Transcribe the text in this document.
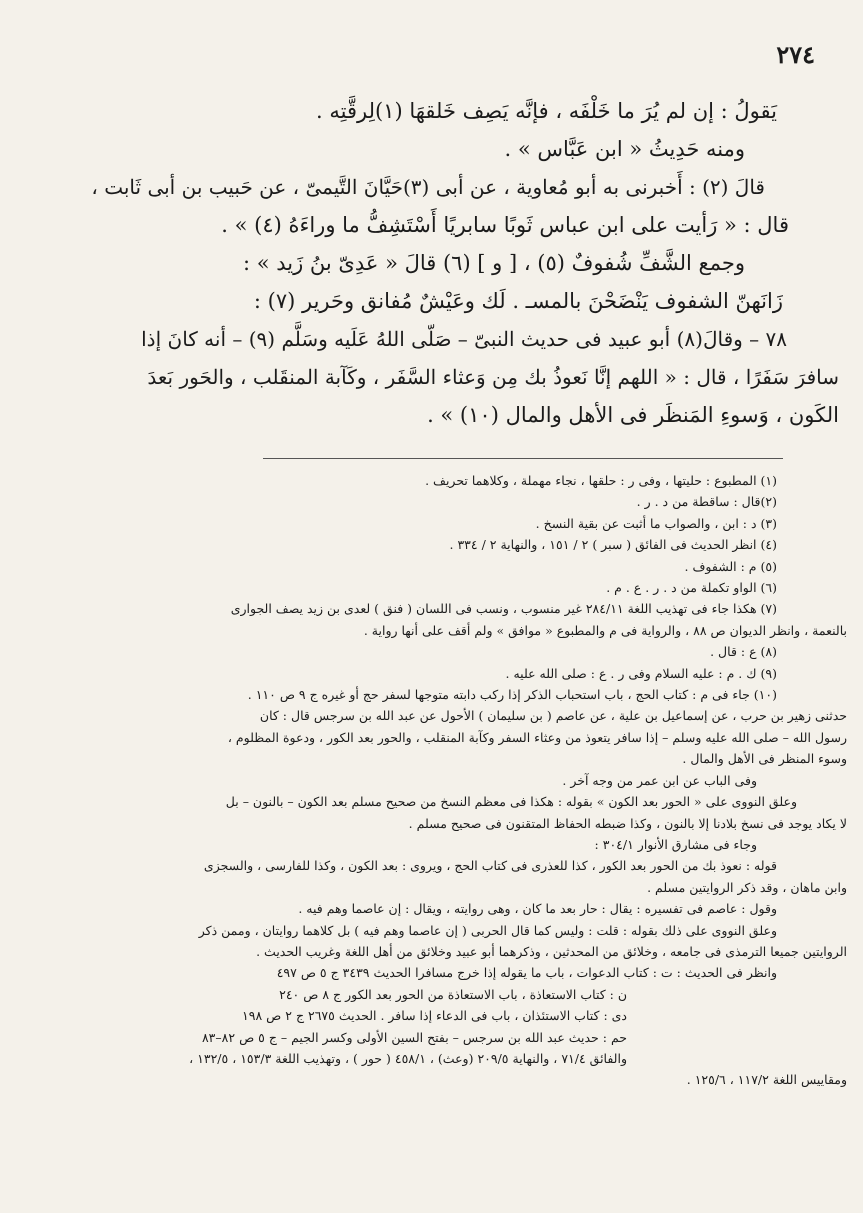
٢٧٤

يَقولُ : إن لم يُرَ ما خَلْفَه ، فإنَّه يَصِف خَلقهَا (١)لِرقَّتِه .

ومنه حَدِيثُ « ابن عَبَّاس » .

قالَ (٢) : أَخبرنى به أبو مُعاوية ، عن أبى (٣)حَيَّانَ التَّيمىّ ، عن حَبيب بن أبى ثَابت ،

قال : « رَأيت على ابن عباس ثَوبًا سابريًا أَسْتَشِفُّ ما وراءَهُ (٤) » .

وجمع الشَّفِّ شُفوفٌ (٥) ، [ و ] (٦) قالَ « عَدِىّ بنُ زَيد » :

زَانَهنّ الشفوف يَنْضَحْنَ بالمسـ . لَك وعَيْشٌ مُفانق وحَرير (٧) :

٧٨ – وقالَ(٨) أبو عبيد فى حديث النبىّ – صَلّى اللهُ عَلَيه وسَلَّم (٩) – أنه كانَ إذا

سافرَ سَفَرًا ، قال : « اللهم إنَّا نَعوذُ بك مِن وَعثاء السَّفَر ، وكَآبة المنقَلب ، والحَور بَعدَ

الكَون ، وَسوءِ المَنظَر فى الأهل والمال (١٠) » .

(١) المطبوع : حليتها ، وفى ر : حلقها ، نجاء مهملة ، وكلاهما تحريف .

(٢)قال : ساقطة من د . ر .

(٣) د : ابن ، والصواب ما أثبت عن بقية النسخ .

(٤) انظر الحديث فى الفائق ( سبر ) ٢ / ١٥١ ، والنهاية ٢ / ٣٣٤ .

(٥) م : الشفوف .

(٦) الواو تكملة من د . ر . ع . م .

(٧) هكذا جاء فى تهذيب اللغة ٢٨٤/١١ غير منسوب ، ونسب فى اللسان ( فنق ) لعدى بن زيد يصف الجوارى

بالنعمة ، وانظر الديوان ص ٨٨ ، والرواية فى م والمطبوع « موافق » ولم أقف على أنها رواية .

(٨) ع : قال .

(٩) ك . م : عليه السلام وفى ر . ع : صلى الله عليه .

(١٠) جاء فى م : كتاب الحج ، باب استحباب الذكر إذا ركب دابته متوجها لسفر حج أو غيره ج ٩ ص ١١٠ .

حدثنى زهير بن حرب ، عن إسماعيل بن علية ، عن عاصم ( بن سليمان ) الأحول عن عبد الله بن سرجس قال : كان

رسول الله – صلى الله عليه وسلم – إذا سافر يتعوذ من وعثاء السفر وكآبة المنقلب ، والحور بعد الكور ، ودعوة المظلوم ،

وسوء المنظر فى الأهل والمال .

وفى الباب عن ابن عمر من وجه آخر .

وعلق النووى على « الحور بعد الكون » بقوله : هكذا فى معظم النسخ من صحيح مسلم بعد الكون – بالنون – بل

لا يكاد يوجد فى نسخ بلادنا إلا بالنون ، وكذا ضبطه الحفاظ المتقنون فى صحيح مسلم .

وجاء فى مشارق الأنوار ٣٠٤/١ :

قوله : نعوذ بك من الحور بعد الكور ، كذا للعذرى فى كتاب الحج ، ويروى : بعد الكون ، وكذا للفارسى ، والسجزى

وابن ماهان ، وقد ذكر الروايتين مسلم .

وقول : عاصم فى تفسيره : يقال : حار بعد ما كان ، وهى روايته ، ويقال : إن عاصما وهم فيه .

وعلق النووى على ذلك بقوله : قلت : وليس كما قال الحربى ( إن عاصما وهم فيه ) بل كلاهما روايتان ، وممن ذكر

الروايتين جميعا الترمذى فى جامعه ، وخلائق من المحدثين ، وذكرهما أبو عبيد وخلائق من أهل اللغة وغريب الحديث .

وانظر فى الحديث : ت : كتاب الدعوات ، باب ما يقوله إذا خرج مسافرا الحديث ٣٤٣٩ ج ٥ ص ٤٩٧

ن : كتاب الاستعاذة ، باب الاستعاذة من الحور بعد الكور ج ٨ ص ٢٤٠

دى : كتاب الاستئذان ، باب فى الدعاء إذا سافر . الحديث ٢٦٧٥ ج ٢ ص ١٩٨

حم : حديث عبد الله بن سرجس – بفتح السين الأولى وكسر الجيم – ج ٥ ص ٨٢–٨٣

والفائق ٧١/٤ ، والنهاية ٢٠٩/٥ (وعث) ، ٤٥٨/١ ( حور ) ، وتهذيب اللغة ١٥٣/٣ ، ١٣٢/٥ ،

ومقاييس اللغة ١١٧/٢ ، ١٢٥/٦ .
